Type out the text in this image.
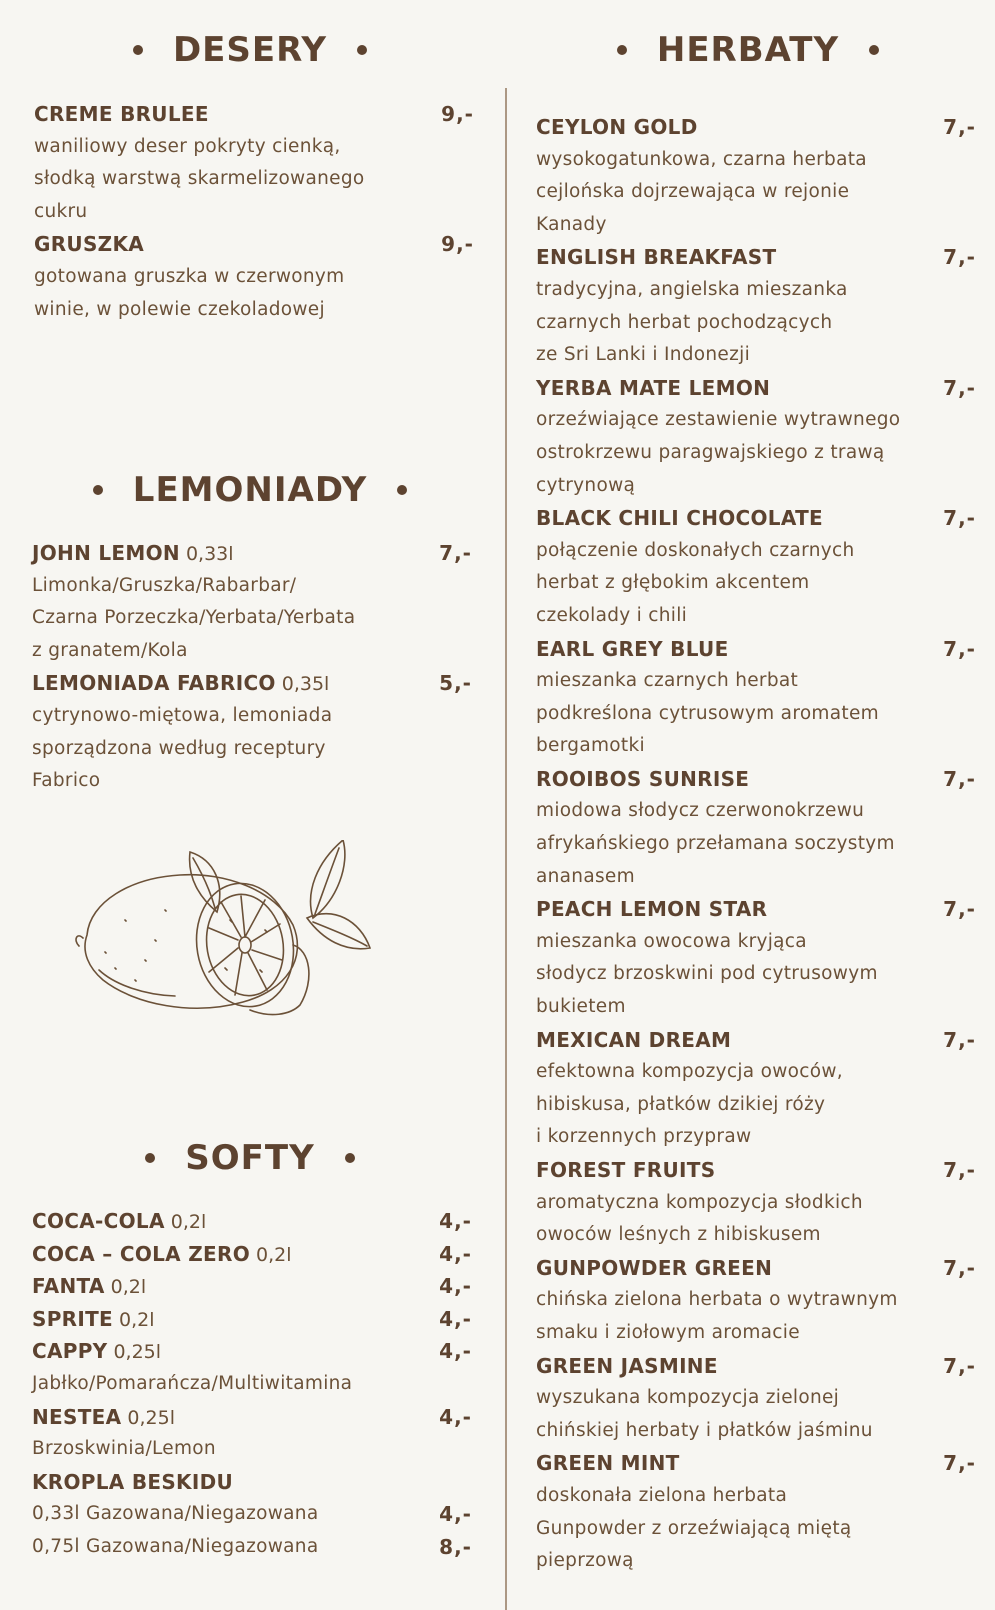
DESERY
CREME BRULEE	9,-
waniliowy deser pokryty cienką,
słodką warstwą skarmelizowanego
cukru
GRUSZKA	9,-
gotowana gruszka w czerwonym
winie, w polewie czekoladowej
LEMONIADY
JOHN LEMON 0,33l	7,-
Limonka/Gruszka/Rabarbar/
Czarna Porzeczka/Yerbata/Yerbata
z granatem/Kola
LEMONIADA FABRICO 0,35l	5,-
cytrynowo-miętowa, lemoniada
sporządzona według receptury
Fabrico
SOFTY
COCA-COLA 0,2l	4,-
COCA – COLA ZERO 0,2l	4,-
FANTA 0,2l	4,-
SPRITE 0,2l	4,-
CAPPY 0,25l	4,-
Jabłko/Pomarańcza/Multiwitamina
NESTEA 0,25l	4,-
Brzoskwinia/Lemon
KROPLA BESKIDU
0,33l Gazowana/Niegazowana	4,-
0,75l Gazowana/Niegazowana	8,-
HERBATY
CEYLON GOLD	7,-
wysokogatunkowa, czarna herbata
cejlońska dojrzewająca w rejonie
Kanady
ENGLISH BREAKFAST	7,-
tradycyjna, angielska mieszanka
czarnych herbat pochodzących
ze Sri Lanki i Indonezji
YERBA MATE LEMON	7,-
orzeźwiające zestawienie wytrawnego
ostrokrzewu paragwajskiego z trawą
cytrynową
BLACK CHILI CHOCOLATE	7,-
połączenie doskonałych czarnych
herbat z głębokim akcentem
czekolady i chili
EARL GREY BLUE	7,-
mieszanka czarnych herbat
podkreślona cytrusowym aromatem
bergamotki
ROOIBOS SUNRISE	7,-
miodowa słodycz czerwonokrzewu
afrykańskiego przełamana soczystym
ananasem
PEACH LEMON STAR	7,-
mieszanka owocowa kryjąca
słodycz brzoskwini pod cytrusowym
bukietem
MEXICAN DREAM	7,-
efektowna kompozycja owoców,
hibiskusa, płatków dzikiej róży
i korzennych przypraw
FOREST FRUITS	7,-
aromatyczna kompozycja słodkich
owoców leśnych z hibiskusem
GUNPOWDER GREEN	7,-
chińska zielona herbata o wytrawnym
smaku i ziołowym aromacie
GREEN JASMINE	7,-
wyszukana kompozycja zielonej
chińskiej herbaty i płatków jaśminu
GREEN MINT	7,-
doskonała zielona herbata
Gunpowder z orzeźwiającą miętą
pieprzową
